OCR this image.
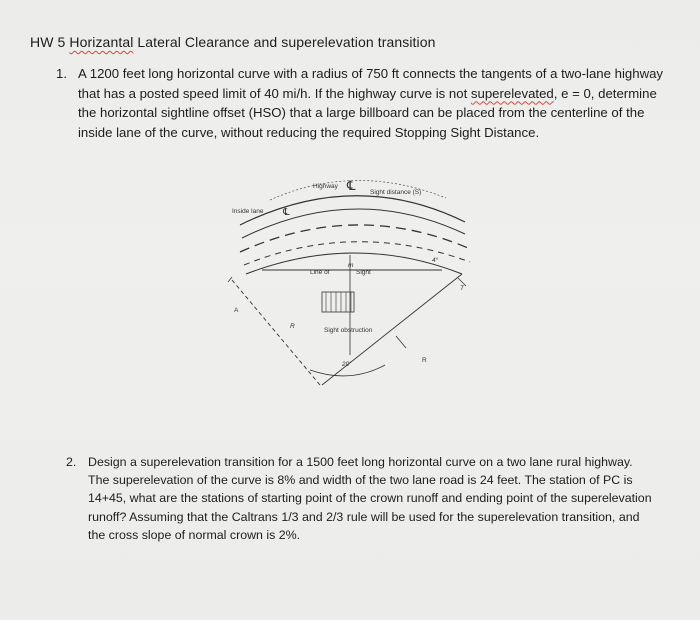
HW 5 Horizantal Lateral Clearance and superelevation transition
1. A 1200 feet long horizontal curve with a radius of 750 ft connects the tangents of a two-lane highway that has a posted speed limit of 40 mi/h. If the highway curve is not superelevated, e = 0, determine the horizontal sightline offset (HSO) that a large billboard can be placed from the centerline of the inside lane of the curve, without reducing the required Stopping Sight Distance.
Highway ℄ Sight distance (S)
Inside lane ℄
Line of
m
Sight
Sight obstruction
A
R
R
T
20'
4°
2. Design a superelevation transition for a 1500 feet long horizontal curve on a two lane rural highway. The superelevation of the curve is 8% and width of the two lane road is 24 feet. The station of PC is 14+45, what are the stations of starting point of the crown runoff and ending point of the superelevation runoff? Assuming that the Caltrans 1/3 and 2/3 rule will be used for the superelevation transition, and the cross slope of normal crown is 2%.
